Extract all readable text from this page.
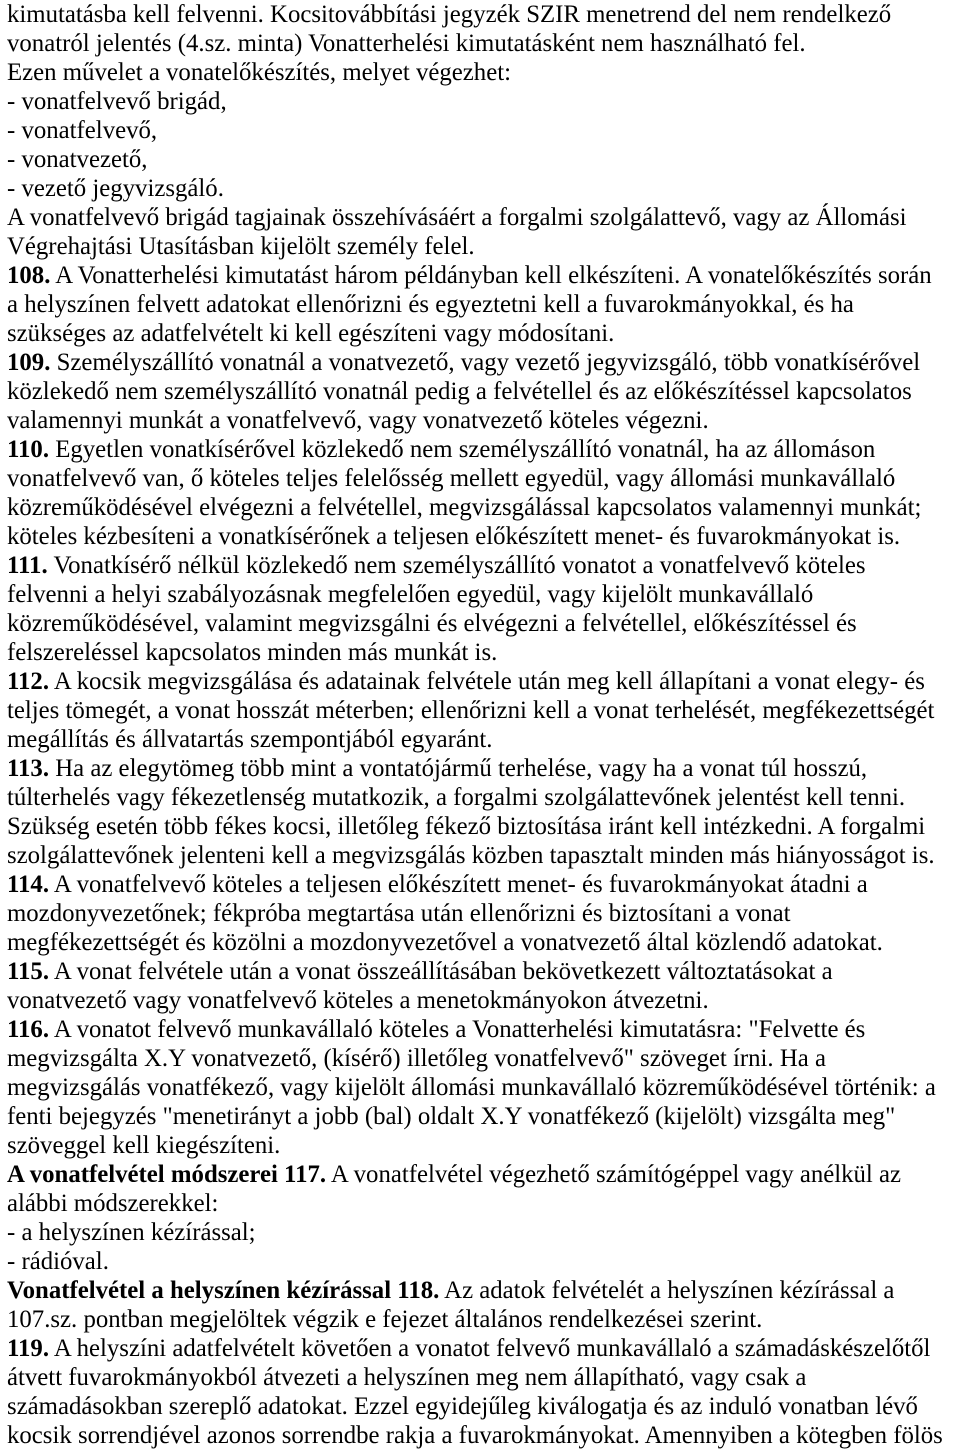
kimutatásba kell felvenni. Kocsitovábbítási jegyzék SZIR menetrend del nem rendelkező
vonatról jelentés (4.sz. minta) Vonatterhelési kimutatásként nem használható fel.
Ezen művelet a vonatelőkészítés, melyet végezhet:
- vonatfelvevő brigád,
- vonatfelvevő,
- vonatvezető,
- vezető jegyvizsgáló.
A vonatfelvevő brigád tagjainak összehívásáért a forgalmi szolgálattevő, vagy az Állomási
Végrehajtási Utasításban kijelölt személy felel.
108. A Vonatterhelési kimutatást három példányban kell elkészíteni. A vonatelőkészítés során
a helyszínen felvett adatokat ellenőrizni és egyeztetni kell a fuvarokmányokkal, és ha
szükséges az adatfelvételt ki kell egészíteni vagy módosítani.
109. Személyszállító vonatnál a vonatvezető, vagy vezető jegyvizsgáló, több vonatkísérővel
közlekedő nem személyszállító vonatnál pedig a felvétellel és az előkészítéssel kapcsolatos
valamennyi munkát a vonatfelvevő, vagy vonatvezető köteles végezni.
110. Egyetlen vonatkísérővel közlekedő nem személyszállító vonatnál, ha az állomáson
vonatfelvevő van, ő köteles teljes felelősség mellett egyedül, vagy állomási munkavállaló
közreműködésével elvégezni a felvétellel, megvizsgálással kapcsolatos valamennyi munkát;
köteles kézbesíteni a vonatkísérőnek a teljesen előkészített menet- és fuvarokmányokat is.
111. Vonatkísérő nélkül közlekedő nem személyszállító vonatot a vonatfelvevő köteles
felvenni a helyi szabályozásnak megfelelően egyedül, vagy kijelölt munkavállaló
közreműködésével, valamint megvizsgálni és elvégezni a felvétellel, előkészítéssel és
felszereléssel kapcsolatos minden más munkát is.
112. A kocsik megvizsgálása és adatainak felvétele után meg kell állapítani a vonat elegy- és
teljes tömegét, a vonat hosszát méterben; ellenőrizni kell a vonat terhelését, megfékezettségét
megállítás és állvatartás szempontjából egyaránt.
113. Ha az elegytömeg több mint a vontatójármű terhelése, vagy ha a vonat túl hosszú,
túlterhelés vagy fékezetlenség mutatkozik, a forgalmi szolgálattevőnek jelentést kell tenni.
Szükség esetén több fékes kocsi, illetőleg fékező biztosítása iránt kell intézkedni. A forgalmi
szolgálattevőnek jelenteni kell a megvizsgálás közben tapasztalt minden más hiányosságot is.
114. A vonatfelvevő köteles a teljesen előkészített menet- és fuvarokmányokat átadni a
mozdonyvezetőnek; fékpróba megtartása után ellenőrizni és biztosítani a vonat
megfékezettségét és közölni a mozdonyvezetővel a vonatvezető által közlendő adatokat.
115. A vonat felvétele után a vonat összeállításában bekövetkezett változtatásokat a
vonatvezető vagy vonatfelvevő köteles a menetokmányokon átvezetni.
116. A vonatot felvevő munkavállaló köteles a Vonatterhelési kimutatásra: "Felvette és
megvizsgálta X.Y vonatvezető, (kísérő) illetőleg vonatfelvevő" szöveget írni. Ha a
megvizsgálás vonatfékező, vagy kijelölt állomási munkavállaló közreműködésével történik: a
fenti bejegyzés "menetirányt a jobb (bal) oldalt X.Y vonatfékező (kijelölt) vizsgálta meg"
szöveggel kell kiegészíteni.
A vonatfelvétel módszerei 117. A vonatfelvétel végezhető számítógéppel vagy anélkül az
alábbi módszerekkel:
- a helyszínen kézírással;
- rádióval.
Vonatfelvétel a helyszínen kézírással 118. Az adatok felvételét a helyszínen kézírással a
107.sz. pontban megjelöltek végzik e fejezet általános rendelkezései szerint.
119. A helyszíni adatfelvételt követően a vonatot felvevő munkavállaló a számadáskészelőtől
átvett fuvarokmányokból átvezeti a helyszínen meg nem állapítható, vagy csak a
számadásokban szereplő adatokat. Ezzel egyidejűleg kiválogatja és az induló vonatban lévő
kocsik sorrendjével azonos sorrendbe rakja a fuvarokmányokat. Amennyiben a kötegben fölös
